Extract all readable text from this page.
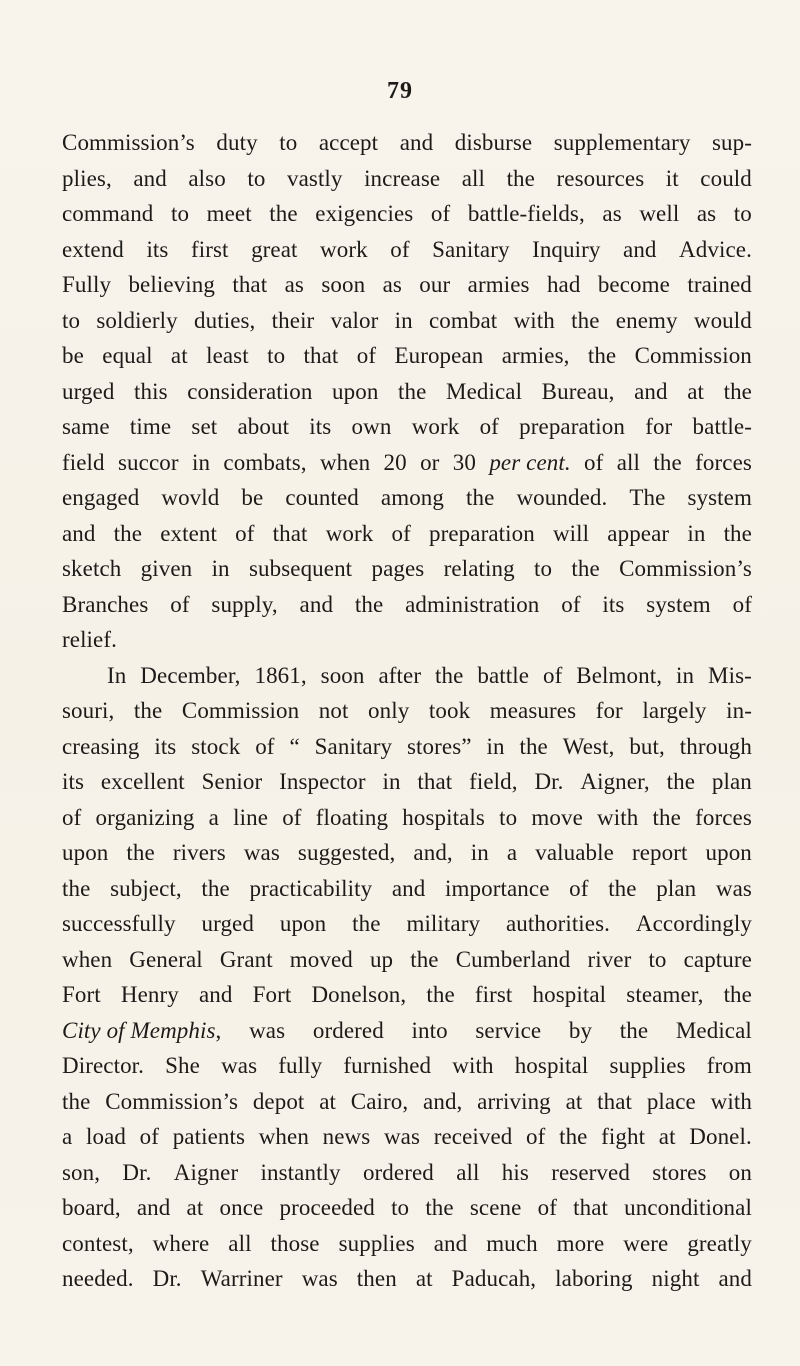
79
Commission’s duty to accept and disburse supplementary sup-
plies, and also to vastly increase all the resources it could
command to meet the exigencies of battle-fields, as well as to
extend its first great work of Sanitary Inquiry and Advice.
Fully believing that as soon as our armies had become trained
to soldierly duties, their valor in combat with the enemy would
be equal at least to that of European armies, the Commission
urged this consideration upon the Medical Bureau, and at the
same time set about its own work of preparation for battle-
field succor in combats, when 20 or 30 per cent. of all the forces
engaged wovld be counted among the wounded. The system
and the extent of that work of preparation will appear in the
sketch given in subsequent pages relating to the Commission’s
Branches of supply, and the administration of its system of
relief.
In December, 1861, soon after the battle of Belmont, in Mis-
souri, the Commission not only took measures for largely in-
creasing its stock of “ Sanitary stores” in the West, but, through
its excellent Senior Inspector in that field, Dr. Aigner, the plan
of organizing a line of floating hospitals to move with the forces
upon the rivers was suggested, and, in a valuable report upon
the subject, the practicability and importance of the plan was
successfully urged upon the military authorities. Accordingly
when General Grant moved up the Cumberland river to capture
Fort Henry and Fort Donelson, the first hospital steamer, the
City of Memphis, was ordered into service by the Medical
Director. She was fully furnished with hospital supplies from
the Commission’s depot at Cairo, and, arriving at that place with
a load of patients when news was received of the fight at Donel.
son, Dr. Aigner instantly ordered all his reserved stores on
board, and at once proceeded to the scene of that unconditional
contest, where all those supplies and much more were greatly
needed. Dr. Warriner was then at Paducah, laboring night and
